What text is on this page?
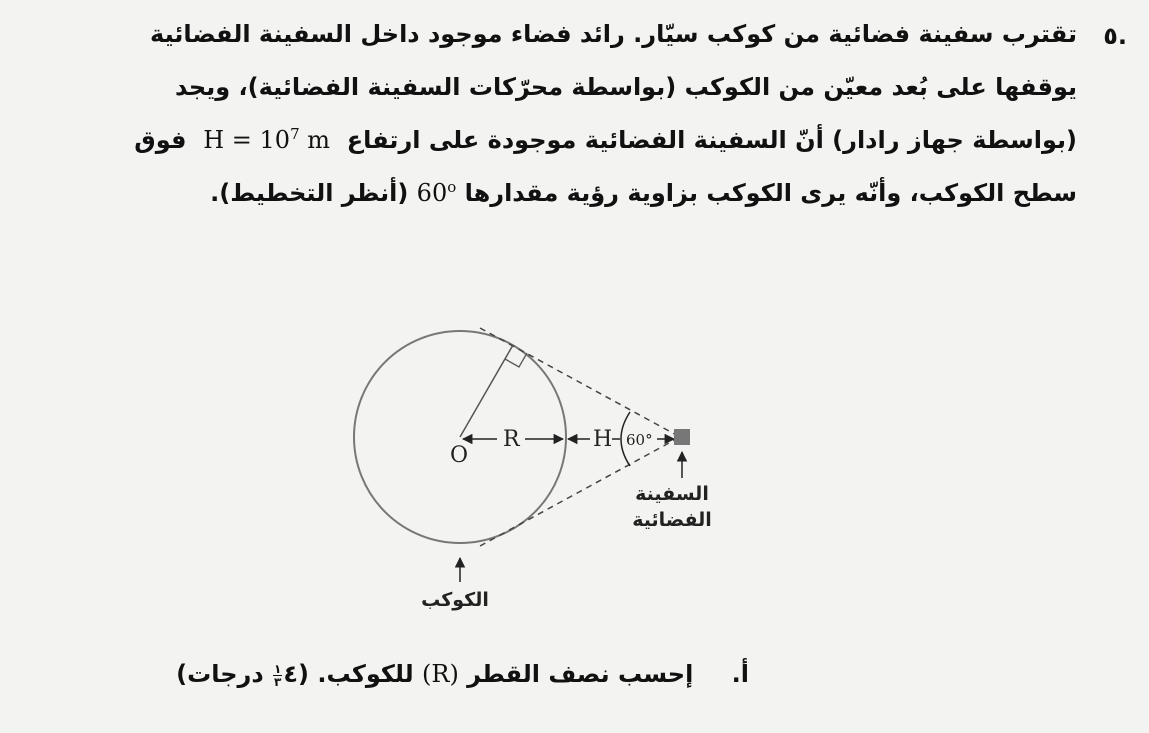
٥.
تقترب سفينة فضائية من كوكب سيّار. رائد فضاء موجود داخل السفينة الفضائية
يوقفها على بُعد معيّن من الكوكب (بواسطة محرّكات السفينة الفضائية)، ويجد
(بواسطة جهاز رادار) أنّ السفينة الفضائية موجودة على ارتفاع  $H = 10^7$ m  فوق
سطح الكوكب، وأنّه يرى الكوكب بزاوية رؤية مقدارها 60$^o$ (أنظر التخطيط).
O
R	H 60°
السفينة
الفضائية
الكوكب
أ. إحسب نصف القطر (R) للكوكب. (٤
$\frac{١}{٣}$
درجات)
